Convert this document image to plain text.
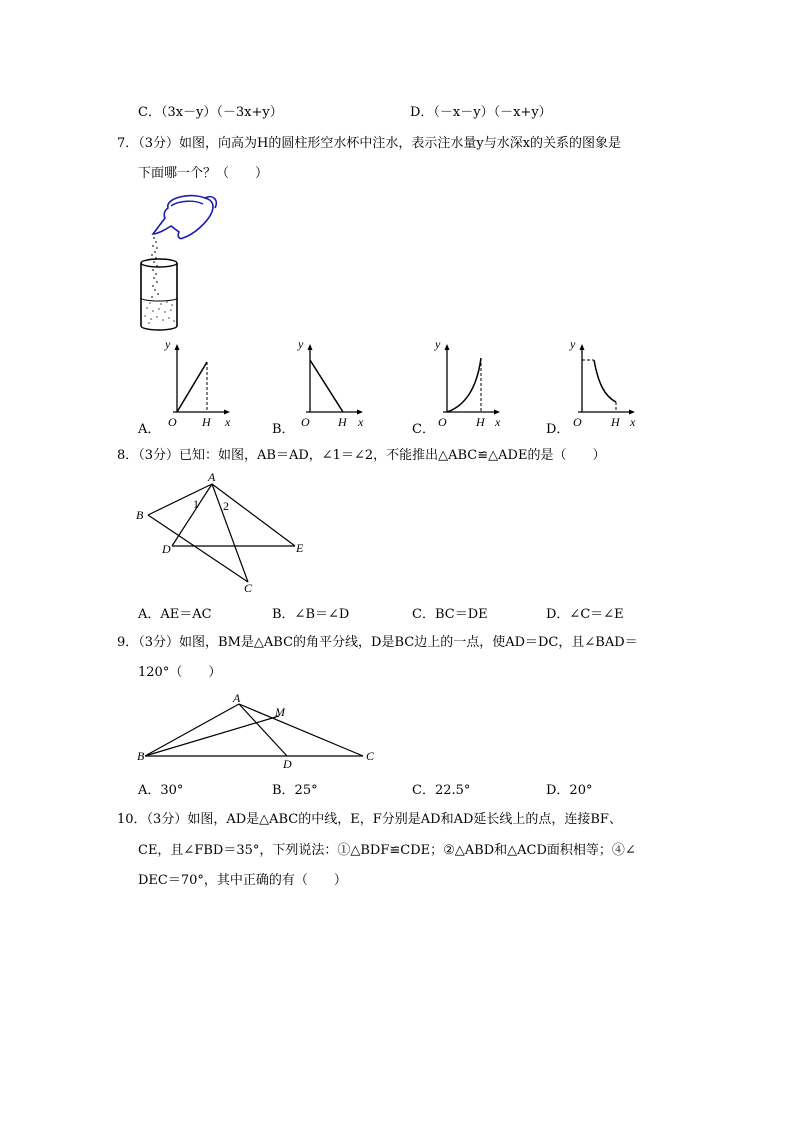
C．（3x－y）（－3x+y）	D．（－x－y）（－x+y）
7．（3分）如图，向高为H的圆柱形空水杯中注水，表示注水量y与水深x的关系的图象是
下面哪一个？（　　）
y
O H x
A．
y
O H x
B．
y
O H x
C．
y
O H x
D．
8．（3分）已知：如图，AB＝AD，∠1＝∠2，不能推出△ABC≌△ADE的是（　　）
A
B
D	E
C
1 2
A．AE＝AC	B．∠B＝∠D	C．BC＝DE	D．∠C＝∠E
9．（3分）如图，BM是△ABC的角平分线，D是BC边上的一点，使AD＝DC，且∠BAD＝
120°（　　）
A
B	C
D
M
A．30°	B．25°	C．22.5°	D．20°
10．（3分）如图，AD是△ABC的中线，E，F分别是AD和AD延长线上的点，连接BF、
CE，且∠FBD＝35°，下列说法：①△BDF≌CDE；②△ABD和△ACD面积相等；④∠
DEC＝70°，其中正确的有（　　）
